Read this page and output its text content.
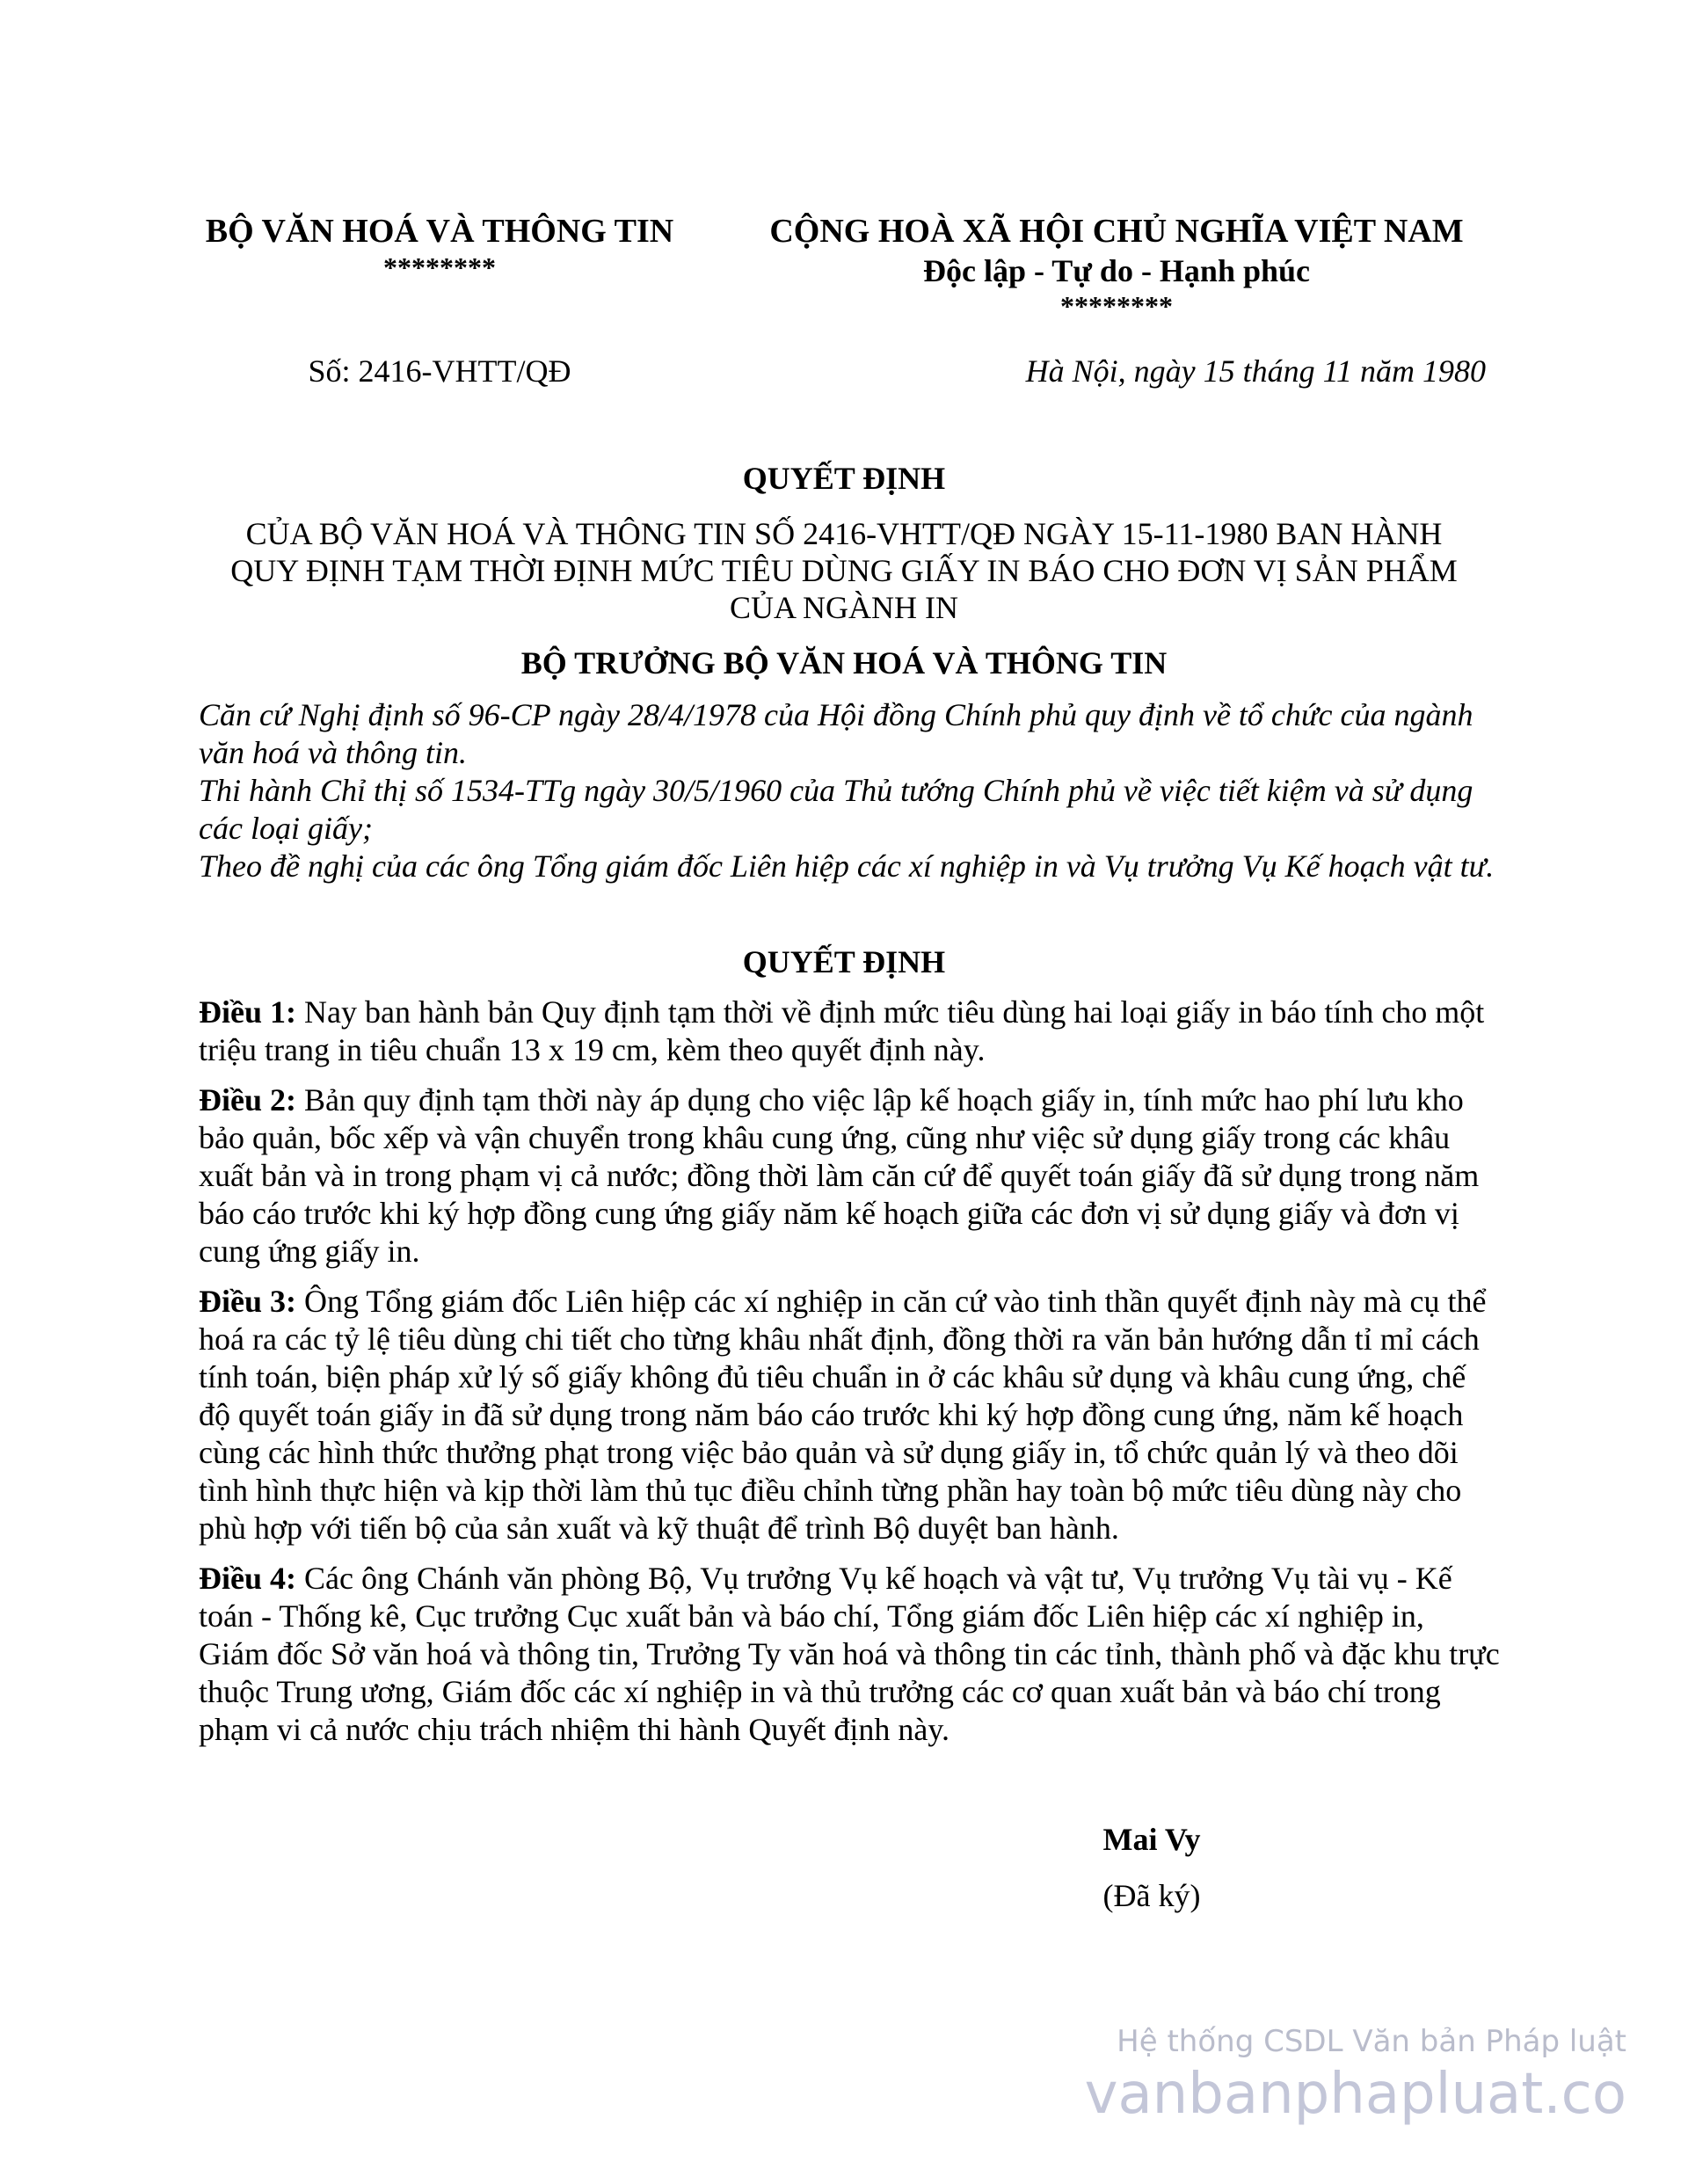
BỘ VĂN HOÁ VÀ THÔNG TIN
********
CỘNG HOÀ XÃ HỘI CHỦ NGHĨA VIỆT NAM
Độc lập - Tự do - Hạnh phúc
********
Số: 2416-VHTT/QĐ	Hà Nội, ngày 15 tháng 11 năm 1980
QUYẾT ĐỊNH
CỦA BỘ VĂN HOÁ VÀ THÔNG TIN SỐ 2416-VHTT/QĐ NGÀY 15-11-1980 BAN HÀNH
QUY ĐỊNH TẠM THỜI ĐỊNH MỨC TIÊU DÙNG GIẤY IN BÁO CHO ĐƠN VỊ SẢN PHẨM
CỦA NGÀNH IN
BỘ TRƯỞNG BỘ VĂN HOÁ VÀ THÔNG TIN

Căn cứ Nghị định số 96-CP ngày 28/4/1978 của Hội đồng Chính phủ quy định về tổ chức của ngành văn hoá và thông tin.

Thi hành Chỉ thị số 1534-TTg ngày 30/5/1960 của Thủ tướng Chính phủ về việc tiết kiệm và sử dụng các loại giấy;

Theo đề nghị của các ông Tổng giám đốc Liên hiệp các xí nghiệp in và Vụ trưởng Vụ Kế hoạch vật tư.

QUYẾT ĐỊNH

Điều 1: Nay ban hành bản Quy định tạm thời về định mức tiêu dùng hai loại giấy in báo tính cho một triệu trang in tiêu chuẩn 13 x 19 cm, kèm theo quyết định này.

Điều 2: Bản quy định tạm thời này áp dụng cho việc lập kế hoạch giấy in, tính mức hao phí lưu kho bảo quản, bốc xếp và vận chuyển trong khâu cung ứng, cũng như việc sử dụng giấy trong các khâu xuất bản và in trong phạm vị cả nước; đồng thời làm căn cứ để quyết toán giấy đã sử dụng trong năm báo cáo trước khi ký hợp đồng cung ứng giấy năm kế hoạch giữa các đơn vị sử dụng giấy và đơn vị cung ứng giấy in.

Điều 3: Ông Tổng giám đốc Liên hiệp các xí nghiệp in căn cứ vào tinh thần quyết định này mà cụ thể hoá ra các tỷ lệ tiêu dùng chi tiết cho từng khâu nhất định, đồng thời ra văn bản hướng dẫn tỉ mỉ cách tính toán, biện pháp xử lý số giấy không đủ tiêu chuẩn in ở các khâu sử dụng và khâu cung ứng, chế độ quyết toán giấy in đã sử dụng trong năm báo cáo trước khi ký hợp đồng cung ứng, năm kế hoạch cùng các hình thức thưởng phạt trong việc bảo quản và sử dụng giấy in, tổ chức quản lý và theo dõi tình hình thực hiện và kịp thời làm thủ tục điều chỉnh từng phần hay toàn bộ mức tiêu dùng này cho phù hợp với tiến bộ của sản xuất và kỹ thuật để trình Bộ duyệt ban hành.

Điều 4: Các ông Chánh văn phòng Bộ, Vụ trưởng Vụ kế hoạch và vật tư, Vụ trưởng Vụ tài vụ - Kế toán - Thống kê, Cục trưởng Cục xuất bản và báo chí, Tổng giám đốc Liên hiệp các xí nghiệp in, Giám đốc Sở văn hoá và thông tin, Trưởng Ty văn hoá và thông tin các tỉnh, thành phố và đặc khu trực thuộc Trung ương, Giám đốc các xí nghiệp in và thủ trưởng các cơ quan xuất bản và báo chí trong phạm vi cả nước chịu trách nhiệm thi hành Quyết định này.

Mai Vy
(Đã ký)
Hệ thống CSDL Văn bản Pháp luật
vanbanphapluat.co
